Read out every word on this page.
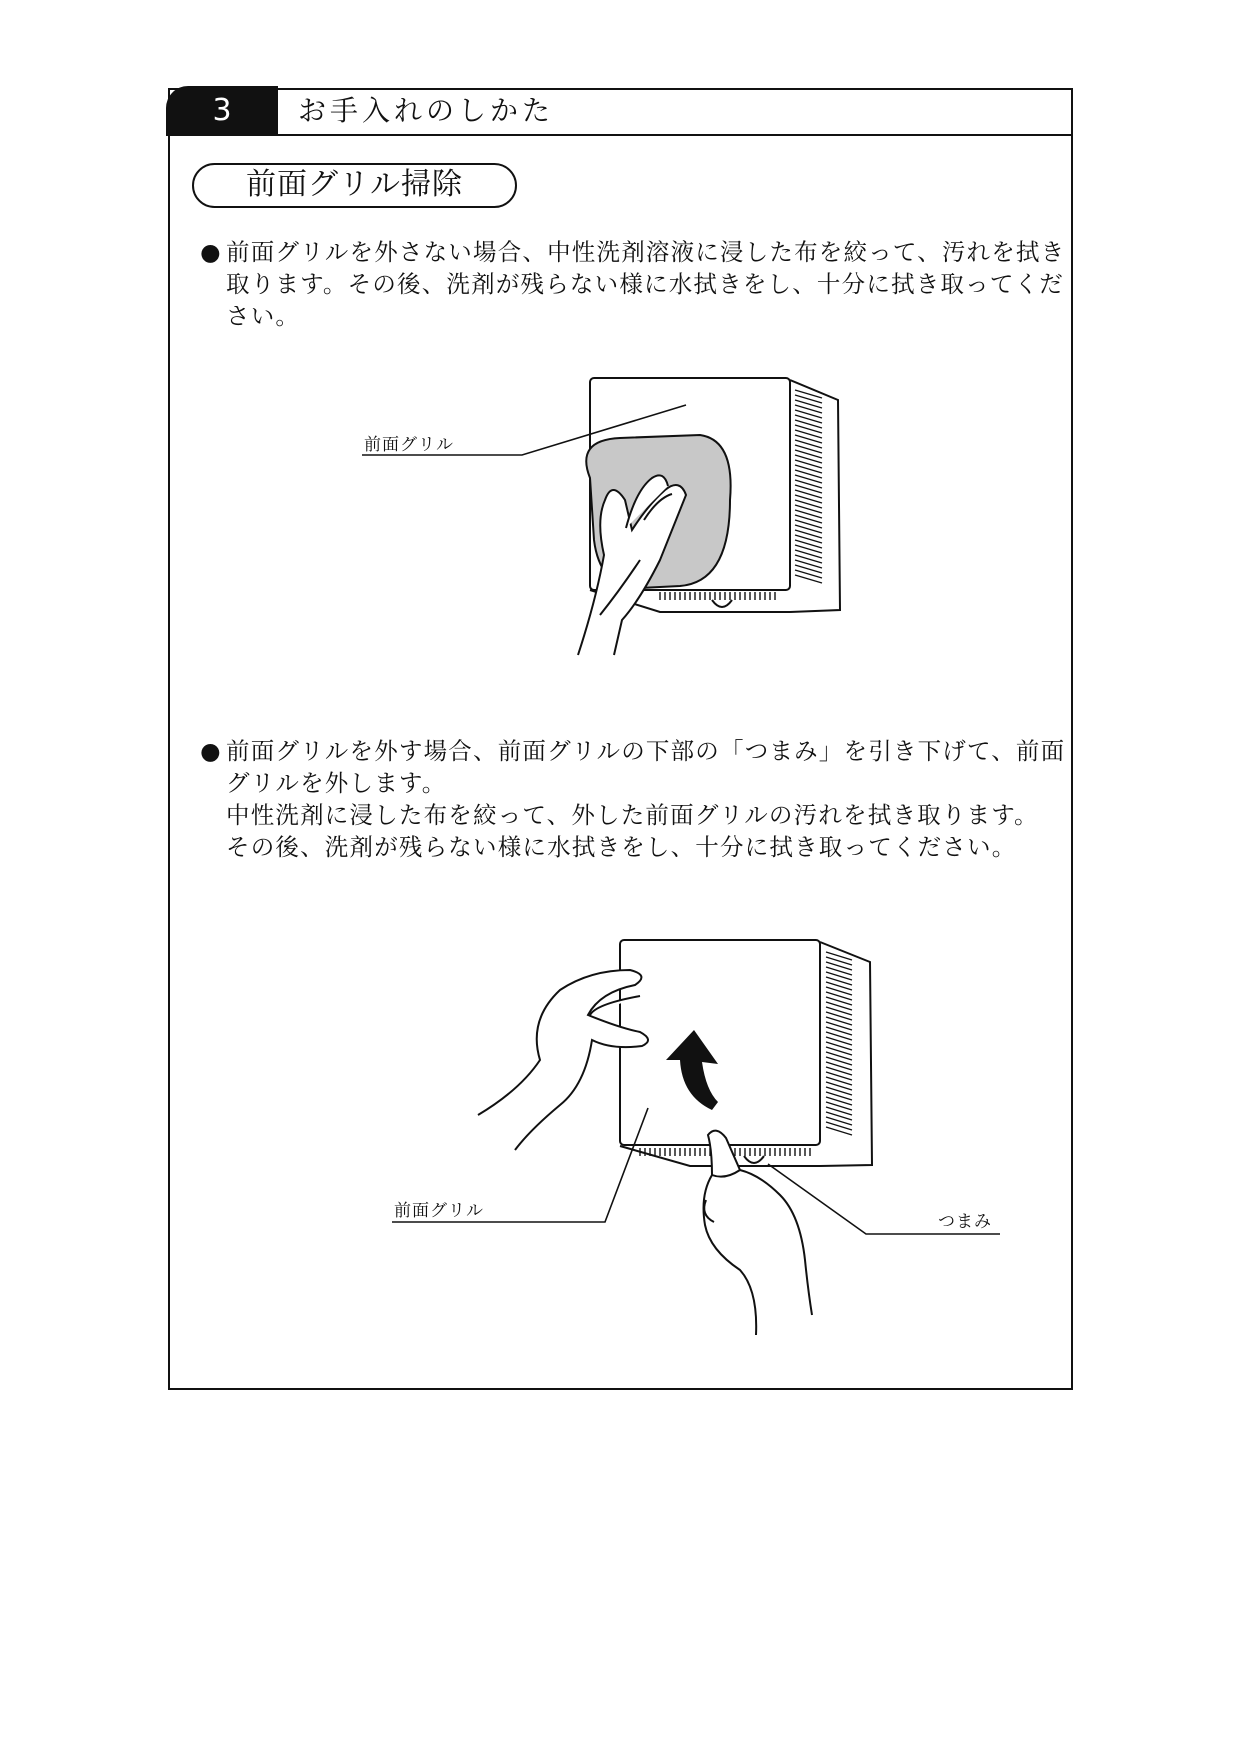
3	お手入れのしかた
前面グリル掃除
● 前面グリルを外さない場合、中性洗剤溶液に浸した布を絞って、汚れを拭き
取ります。その後、洗剤が残らない様に水拭きをし、十分に拭き取ってくだ
さい。
前面グリル
● 前面グリルを外す場合、前面グリルの下部の「つまみ」を引き下げて、前面
グリルを外します。
中性洗剤に浸した布を絞って、外した前面グリルの汚れを拭き取ります。
その後、洗剤が残らない様に水拭きをし、十分に拭き取ってください。
前面グリル
つまみ
